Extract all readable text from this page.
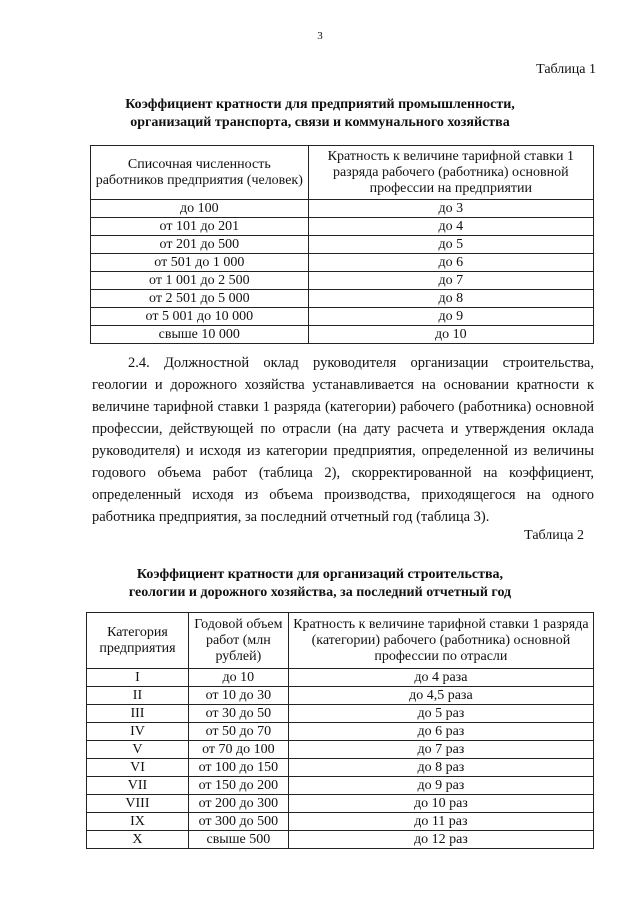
3
Таблица 1
Коэффициент кратности для предприятий промышленности,
организаций транспорта, связи и коммунального хозяйства
Списочная численность работников предприятия (человек)	Кратность к величине тарифной ставки 1 разряда рабочего (работника) основной профессии на предприятии
до 100	до 3
от 101 до 201	до 4
от 201 до 500	до 5
от 501 до 1 000	до 6
от 1 001 до 2 500	до 7
от 2 501 до 5 000	до 8
от 5 001 до 10 000	до 9
свыше 10 000	до 10

2.4. Должностной оклад руководителя организации строительства, геологии и дорожного хозяйства устанавливается на основании кратности к величине тарифной ставки 1 разряда (категории) рабочего (работника) основной профессии, действующей по отрасли (на дату расчета и утверждения оклада руководителя) и исходя из категории предприятия, определенной из величины годового объема работ (таблица 2), скорректированной на коэффициент, определенный исходя из объема производства, приходящегося на одного работника предприятия, за последний отчетный год (таблица 3).

Таблица 2
Коэффициент кратности для организаций строительства,
геологии и дорожного хозяйства, за последний отчетный год
Категория предприятия	Годовой объем работ (млн рублей)	Кратность к величине тарифной ставки 1 разряда (категории) рабочего (работника) основной профессии по отрасли
I	до 10	до 4 раза
II	от 10 до 30	до 4,5 раза
III	от 30 до 50	до 5 раз
IV	от 50 до 70	до 6 раз
V	от 70 до 100	до 7 раз
VI	от 100 до 150	до 8 раз
VII	от 150 до 200	до 9 раз
VIII	от 200 до 300	до 10 раз
IX	от 300 до 500	до 11 раз
X	свыше 500	до 12 раз
